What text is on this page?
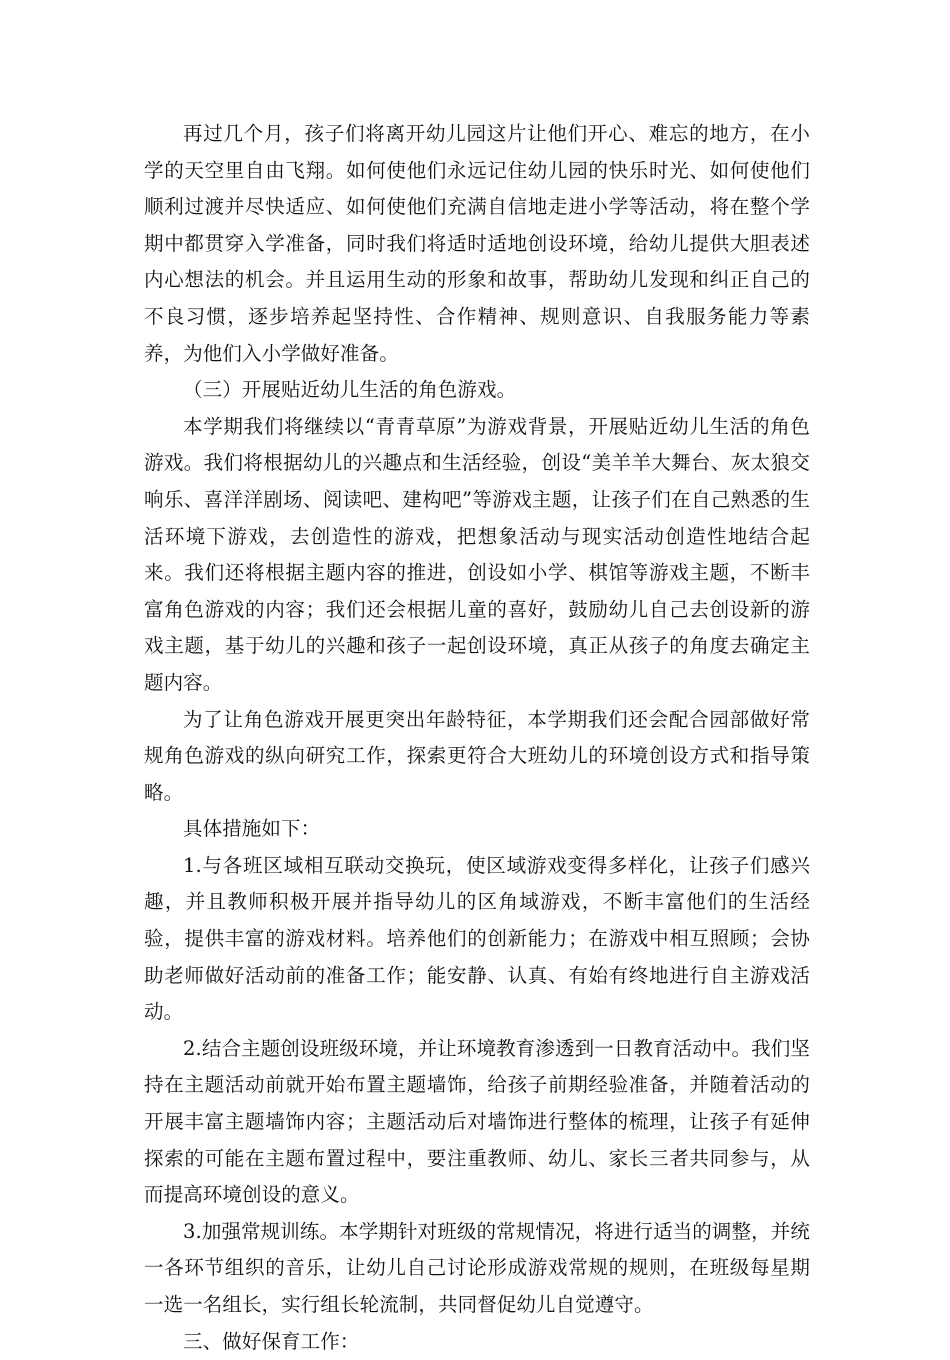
再过几个月，孩子们将离开幼儿园这片让他们开心、难忘的地方，在小学的天空里自由飞翔。如何使他们永远记住幼儿园的快乐时光、如何使他们顺利过渡并尽快适应、如何使他们充满自信地走进小学等活动，将在整个学期中都贯穿入学准备，同时我们将适时适地创设环境，给幼儿提供大胆表述内心想法的机会。并且运用生动的形象和故事，帮助幼儿发现和纠正自己的不良习惯，逐步培养起坚持性、合作精神、规则意识、自我服务能力等素养，为他们入小学做好准备。

（三）开展贴近幼儿生活的角色游戏。

本学期我们将继续以“青青草原”为游戏背景，开展贴近幼儿生活的角色游戏。我们将根据幼儿的兴趣点和生活经验，创设“美羊羊大舞台、灰太狼交响乐、喜洋洋剧场、阅读吧、建构吧”等游戏主题，让孩子们在自己熟悉的生活环境下游戏，去创造性的游戏，把想象活动与现实活动创造性地结合起来。我们还将根据主题内容的推进，创设如小学、棋馆等游戏主题，不断丰富角色游戏的内容；我们还会根据儿童的喜好，鼓励幼儿自己去创设新的游戏主题，基于幼儿的兴趣和孩子一起创设环境，真正从孩子的角度去确定主题内容。

为了让角色游戏开展更突出年龄特征，本学期我们还会配合园部做好常规角色游戏的纵向研究工作，探索更符合大班幼儿的环境创设方式和指导策略。

具体措施如下：

1.与各班区域相互联动交换玩，使区域游戏变得多样化，让孩子们感兴趣，并且教师积极开展并指导幼儿的区角域游戏，不断丰富他们的生活经验，提供丰富的游戏材料。培养他们的创新能力；在游戏中相互照顾；会协助老师做好活动前的准备工作；能安静、认真、有始有终地进行自主游戏活动。

2.结合主题创设班级环境，并让环境教育渗透到一日教育活动中。我们坚持在主题活动前就开始布置主题墙饰，给孩子前期经验准备，并随着活动的开展丰富主题墙饰内容；主题活动后对墙饰进行整体的梳理，让孩子有延伸探索的可能在主题布置过程中，要注重教师、幼儿、家长三者共同参与，从而提高环境创设的意义。

3.加强常规训练。本学期针对班级的常规情况，将进行适当的调整，并统一各环节组织的音乐，让幼儿自己讨论形成游戏常规的规则，在班级每星期一选一名组长，实行组长轮流制，共同督促幼儿自觉遵守。

三、做好保育工作：
